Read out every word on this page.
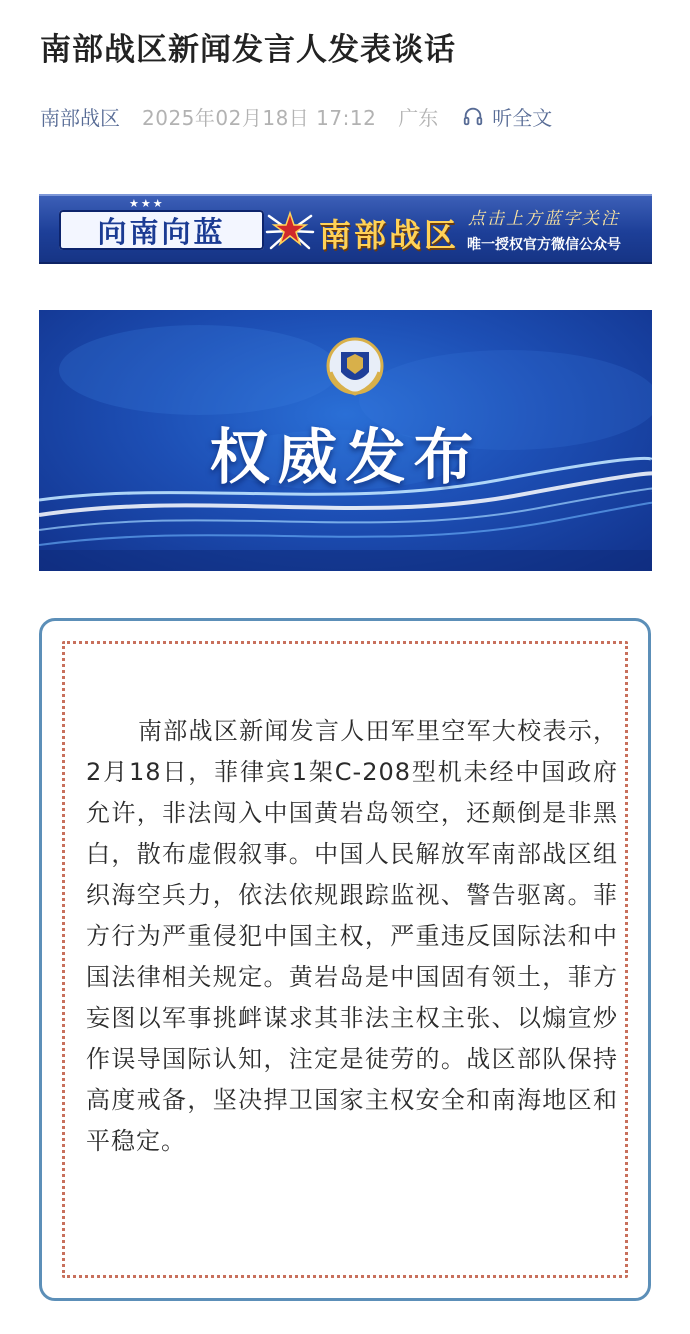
南部战区新闻发言人发表谈话
南部战区 2025年02月18日 17:12 广东	听全文
★★★
向南向蓝	南部战区 点击上方蓝字关注
唯一授权官方微信公众号
权威发布
南部战区新闻发言人田军里空军大校表示，2月18日，菲律宾1架C-208型机未经中国政府允许，非法闯入中国黄岩岛领空，还颠倒是非黑白，散布虚假叙事。中国人民解放军南部战区组织海空兵力，依法依规跟踪监视、警告驱离。菲方行为严重侵犯中国主权，严重违反国际法和中国法律相关规定。黄岩岛是中国固有领土，菲方妄图以军事挑衅谋求其非法主权主张、以煽宣炒作误导国际认知，注定是徒劳的。战区部队保持高度戒备，坚决捍卫国家主权安全和南海地区和平稳定。
